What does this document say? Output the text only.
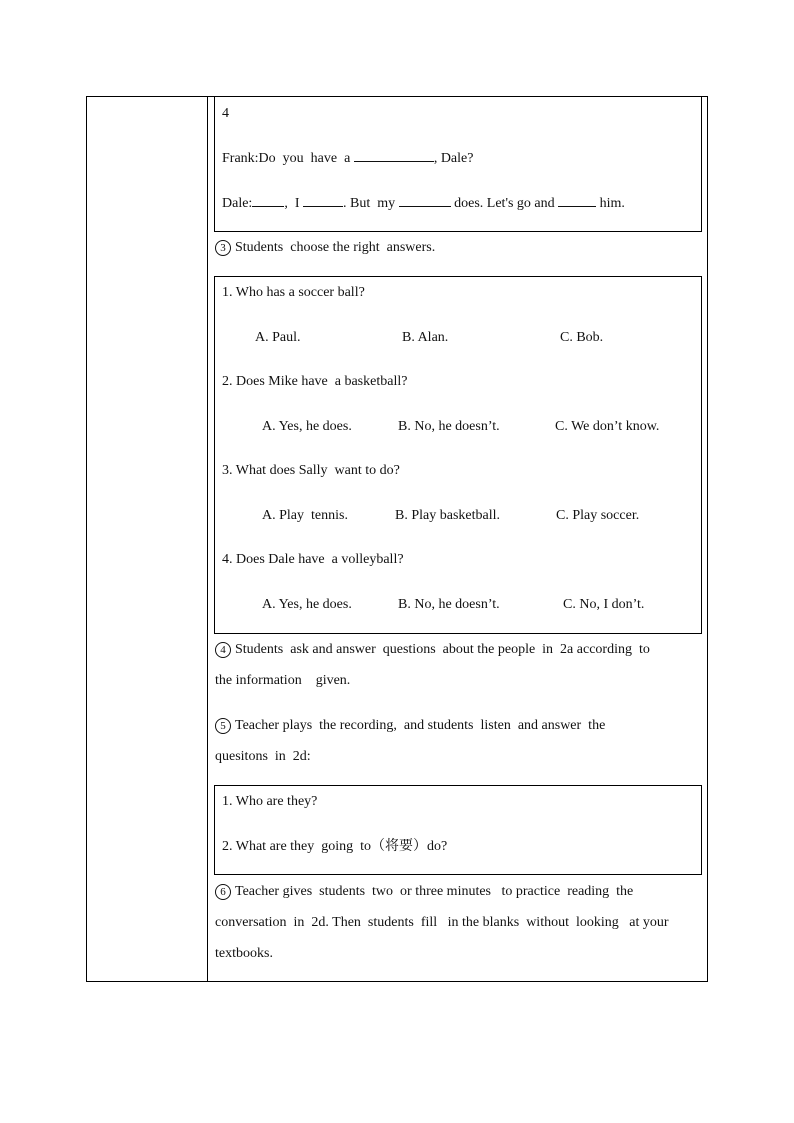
4
Frank:Do  you  have  a	, Dale?
Dale: ,  I	. But  my	does. Let's go and	him.
3 Students  choose the right  answers.
1. Who has a soccer ball?
A. Paul.	B. Alan.	C. Bob.
2. Does Mike have  a basketball?
A. Yes, he does.	B. No, he doesn’t.	C. We don’t know.
3. What does Sally  want to do?
A. Play  tennis.	B. Play basketball.	C. Play soccer.
4. Does Dale have  a volleyball?
A. Yes, he does.	B. No, he doesn’t.	C. No, I don’t.
4 Students  ask and answer  questions  about the people  in  2a according  to
the information    given.
5 Teacher plays  the recording,  and students  listen  and answer  the
quesitons  in  2d:
1. Who are they?
2. What are they  going  to（将要）do?
6 Teacher gives  students  two  or three minutes   to practice  reading  the
conversation  in  2d. Then  students  fill   in the blanks  without  looking   at your
textbooks.
